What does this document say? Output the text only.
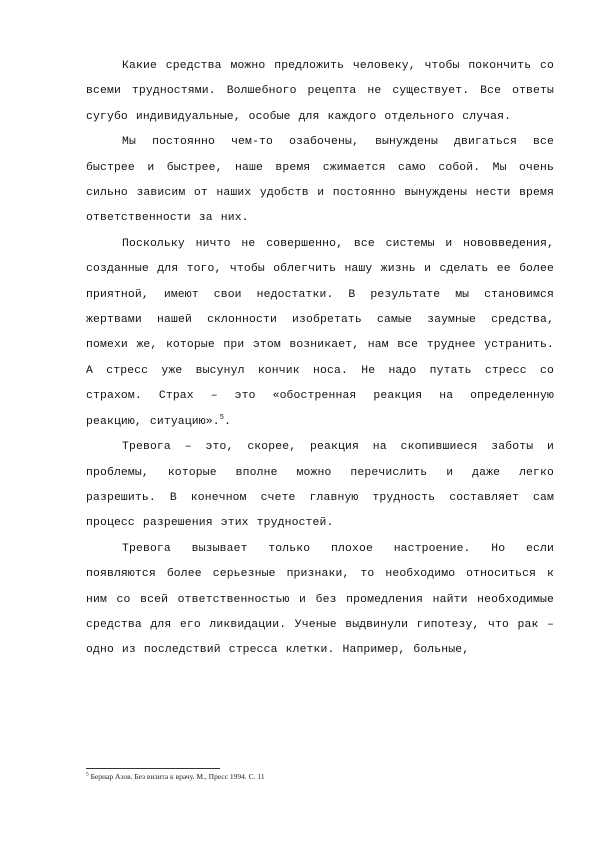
Какие средства можно предложить человеку, чтобы покончить со всеми трудностями. Волшебного рецепта не существует. Все ответы сугубо индивидуальные, особые для каждого отдельного случая.

Мы постоянно чем-то озабочены, вынуждены двигаться все быстрее и быстрее, наше время сжимается само собой. Мы очень сильно зависим от наших удобств и постоянно вынуждены нести время ответственности за них.

Поскольку ничто не совершенно, все системы и нововведения, созданные для того, чтобы облегчить нашу жизнь и сделать ее более приятной, имеют свои недостатки. В результате мы становимся жертвами нашей склонности изобретать самые заумные средства, помехи же, которые при этом возникает, нам все труднее устранить. А стресс уже высунул кончик носа. Не надо путать стресс со страхом. Страх – это «обостренная реакция на определенную реакцию, ситуацию».$^5$.

Тревога – это, скорее, реакция на скопившиеся заботы и проблемы, которые вполне можно перечислить и даже легко разрешить. В конечном счете главную трудность составляет сам процесс разрешения этих трудностей.

Тревога вызывает только плохое настроение. Но если появляются более серьезные признаки, то необходимо относиться к ним со всей ответственностью и без промедления найти необходимые средства для его ликвидации. Ученые выдвинули гипотезу, что рак – одно из последствий стресса клетки. Например, больные,

$^5$ Бернар Азов. Без визита к врачу. М., Пресс 1994. С. 11
